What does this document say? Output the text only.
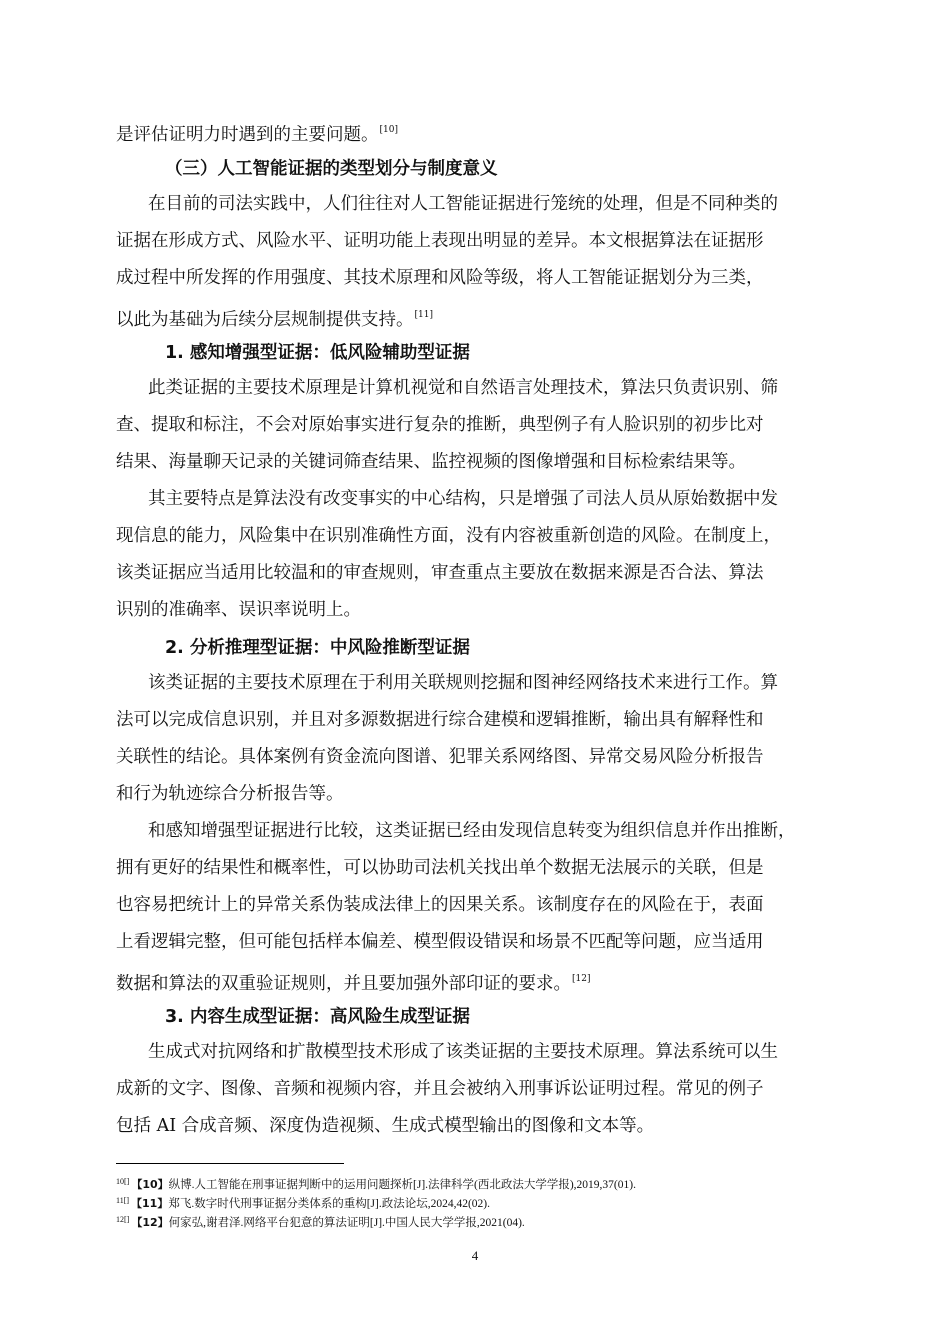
是评估证明力时遇到的主要问题。[10]
（三）人工智能证据的类型划分与制度意义
在目前的司法实践中，人们往往对人工智能证据进行笼统的处理，但是不同种类的
证据在形成方式、风险水平、证明功能上表现出明显的差异。本文根据算法在证据形
成过程中所发挥的作用强度、其技术原理和风险等级，将人工智能证据划分为三类，
以此为基础为后续分层规制提供支持。[11]
1. 感知增强型证据：低风险辅助型证据
此类证据的主要技术原理是计算机视觉和自然语言处理技术，算法只负责识别、筛
查、提取和标注，不会对原始事实进行复杂的推断，典型例子有人脸识别的初步比对
结果、海量聊天记录的关键词筛查结果、监控视频的图像增强和目标检索结果等。
其主要特点是算法没有改变事实的中心结构，只是增强了司法人员从原始数据中发
现信息的能力，风险集中在识别准确性方面，没有内容被重新创造的风险。在制度上，
该类证据应当适用比较温和的审查规则，审查重点主要放在数据来源是否合法、算法
识别的准确率、误识率说明上。
2. 分析推理型证据：中风险推断型证据
该类证据的主要技术原理在于利用关联规则挖掘和图神经网络技术来进行工作。算
法可以完成信息识别，并且对多源数据进行综合建模和逻辑推断，输出具有解释性和
关联性的结论。具体案例有资金流向图谱、犯罪关系网络图、异常交易风险分析报告
和行为轨迹综合分析报告等。
和感知增强型证据进行比较，这类证据已经由发现信息转变为组织信息并作出推断，
拥有更好的结果性和概率性，可以协助司法机关找出单个数据无法展示的关联，但是
也容易把统计上的异常关系伪装成法律上的因果关系。该制度存在的风险在于，表面
上看逻辑完整，但可能包括样本偏差、模型假设错误和场景不匹配等问题，应当适用
数据和算法的双重验证规则，并且要加强外部印证的要求。[12]
3. 内容生成型证据：高风险生成型证据
生成式对抗网络和扩散模型技术形成了该类证据的主要技术原理。算法系统可以生
成新的文字、图像、音频和视频内容，并且会被纳入刑事诉讼证明过程。常见的例子
包括 AI 合成音频、深度伪造视频、生成式模型输出的图像和文本等。
$^{10[]}$ 【10】纵博.人工智能在刑事证据判断中的运用问题探析[J].法律科学(西北政法大学学报),2019,37(01).
$^{11[]}$ 【11】郑飞.数字时代刑事证据分类体系的重构[J].政法论坛,2024,42(02).
$^{12[]}$ 【12】何家弘,谢君泽.网络平台犯意的算法证明[J].中国人民大学学报,2021(04).
4
